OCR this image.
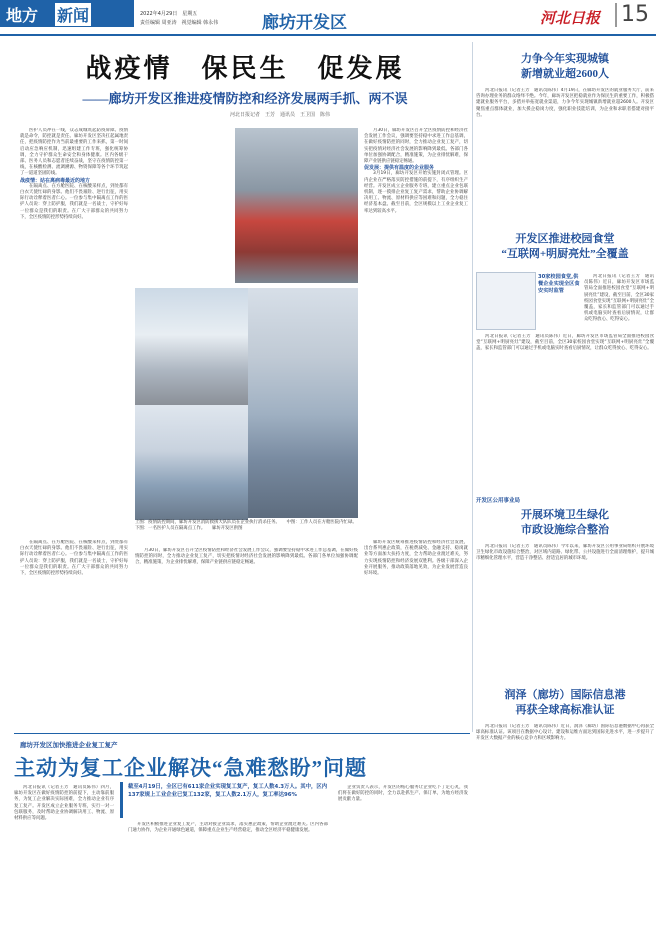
地方 新闻	2022年4月29日　星期五
责任编辑 周亚涛　视觉编辑 韩永伟	廊坊开发区	河北日报 15
战疫情　保民生　促发展
——廊坊开发区推进疫情防控和经济发展两手抓、两不误
河北日报记者　王芳　通讯员　王卫国　陈伟

医护人员冲在一线，众志成城筑起防疫屏障。疫情就是命令，防控就是责任。廊坊开发区坚决扛起属地责任，把疫情防控作为当前最重要的工作来抓，第一时间启动应急响应机制，迅速组建工作专班，强化统筹协调，全力守护群众生命安全和身体健康。区内各级干部、医务人员和志愿者连续奋战，坚守在疫情防控第一线，在核酸检测、流调溯源、物资保障等各个环节筑起了一道道坚固防线。

战疫情：站在离病毒最近的地方

在隔离点、在方舱医院、在核酸采样点，到处都有白衣天使忙碌的身影。他们不畏艰险、逆行出征，用实际行动诠释着医者仁心。一位参与集中隔离点工作的医护人员说：穿上防护服，我们就是一名战士，守护好每一位群众是我们的职责。在广大干部群众的共同努力下，全区疫情防控形势持续向好。

上图：疫情防控期间，廊坊开发区消防救援大队队员在企业执行消杀任务。　　中图：工作人员在方舱医院内忙碌。　　下图：一名医护人员在隔离点工作。　　廊坊开发区供图

月30日，廊坊开发区召开全区疫情防控和经济社会发展工作会议，强调要坚持稳中求进工作总基调，在做好疫情防控的同时，全力推动企业复工复产，切实把疫情对经济社会发展的影响降到最低。各部门各单位加强协调配合，精准施策，为企业排忧解难，保障产业链供应链稳定畅通。

促发展：提供有温度的企业服务

3月19日，廊坊开发区开始实施封闭式管理。区内企业在严格落实防控措施的前提下，有序组织生产经营。开发区成立企业服务专班，建立重点企业包联机制，逐一摸排企业复工复产需求，帮助企业协调解决用工、物流、原材料供应等困难和问题，全力稳住经济基本盘。截至目前，全区规模以上工业企业复工率达到较高水平。

廊坊开发区统筹推进疫情防控和经济社会发展，出台系列惠企政策，在税费减免、金融支持、稳岗就业等方面加大扶持力度，全力帮助企业渡过难关，努力实现疫情防控和经济发展双胜利。各级干部深入企业开展服务，推动政策落地见效，为企业发展营造良好环境。

在隔离点、在方舱医院、在核酸采样点，到处都有白衣天使忙碌的身影。他们不畏艰险、逆行出征，用实际行动诠释着医者仁心。一位参与集中隔离点工作的医护人员说：穿上防护服，我们就是一名战士，守护好每一位群众是我们的职责。在广大干部群众的共同努力下，全区疫情防控形势持续向好。

月30日，廊坊开发区召开全区疫情防控和经济社会发展工作会议，强调要坚持稳中求进工作总基调，在做好疫情防控的同时，全力推动企业复工复产，切实把疫情对经济社会发展的影响降到最低。各部门各单位加强协调配合，精准施策，为企业排忧解难，保障产业链供应链稳定畅通。

力争今年实现城镇
新增就业超2600人

河北日报讯（记者王芳　通讯员陈伟）4月19日，在廊坊开发区的就业服务大厅，前来咨询办理业务的群众络绎不绝。今年，廊坊开发区把稳就业作为保民生的重要工作，积极搭建就业服务平台，多措并举拓宽就业渠道，力争今年实现城镇新增就业超2600人。开发区聚焦重点群体就业，加大援企稳岗力度，强化职业技能培训，为企业和求职者搭建对接平台。

开发区推进校园食堂
“互联网+明厨亮灶”全覆盖
30家校园食堂,供餐企业实现全区食安实时监管

河北日报讯（记者王芳　通讯员陈伟）近日，廊坊开发区市场监管局全面推进校园食堂“互联网+明厨亮灶”建设，截至目前，全区30家校园食堂实现“互联网+明厨亮灶”全覆盖，家长和监管部门可以通过手机或电脑实时查看后厨情况，让群众吃得放心、吃得安心。

河北日报讯（记者王芳　通讯员陈伟）近日，廊坊开发区市场监管局全面推进校园食堂“互联网+明厨亮灶”建设，截至目前，全区30家校园食堂实现“互联网+明厨亮灶”全覆盖，家长和监管部门可以通过手机或电脑实时查看后厨情况，让群众吃得放心、吃得安心。

开发区公用事业局
开展环境卫生绿化
市政设施综合整治

河北日报讯（记者王芳　通讯员陈伟）今年以来，廊坊开发区公用事业局组织开展环境卫生绿化市政设施综合整治，对区域内道路、绿化带、公共设施进行全面清理维护，提升城市精细化管理水平，营造干净整洁、舒适宜居的城市环境。

润泽（廊坊）国际信息港
再获全球高标准认证

河北日报讯（记者王芳　通讯员陈伟）近日，润泽（廊坊）国际信息港数据中心再获全球高标准认证。该项目在数据中心设计、建设和运维方面达到国际先进水平，进一步提升了开发区大数据产业的核心竞争力和区域影响力。

廊坊开发区加快推进企业复工复产
主动为复工企业解决“急难愁盼”问题
截至4月19日，全区已有611家企业实现复工复产，复工人数4.3万人。其中，区内137家规上工业企业已复工132家，复工人数2.1万人，复工率达96%

河北日报讯（记者王芳　通讯员陈伟）四月，廊坊开发区在做好疫情防控的前提下，主动靠前服务，为复工企业解决实际困难，全力推动企业有序复工复产。开发区成立企业服务专班，实行一对一包联服务，及时帮助企业协调解决用工、物流、原材料供应等问题。

开发区积极推进企业复工复产，主动对接企业需求，落实惠企政策，帮助企业渡过难关。区内各部门通力协作，为企业开通绿色通道，保障重点企业生产经营稳定，推动全区经济平稳健康发展。

企业负责人表示，开发区的贴心服务让企业吃下了定心丸，我们将在做好防控的同时，全力以赴抓生产、保订单，为地方经济发展贡献力量。
